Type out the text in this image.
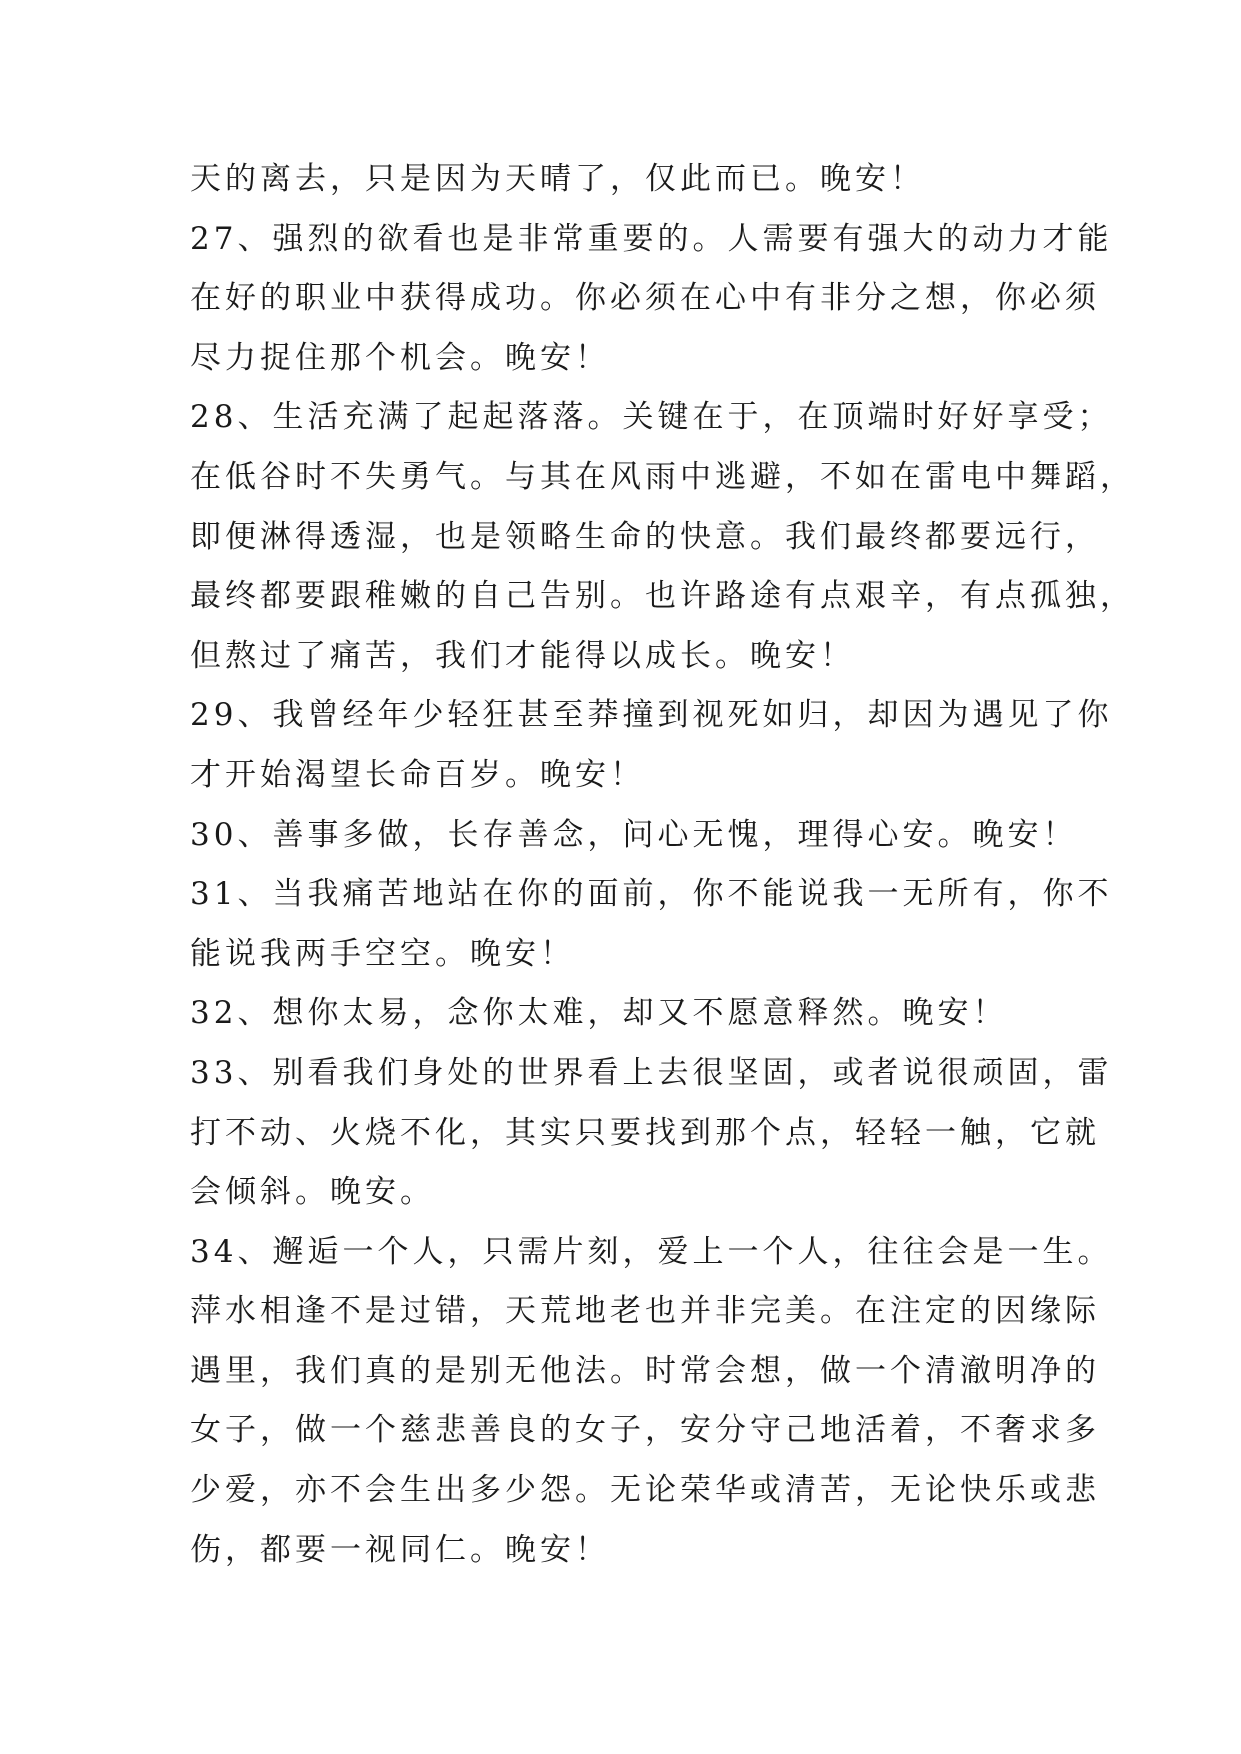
天的离去，只是因为天晴了，仅此而已。晚安！
27、强烈的欲看也是非常重要的。人需要有强大的动力才能
在好的职业中获得成功。你必须在心中有非分之想，你必须
尽力捉住那个机会。晚安！
28、生活充满了起起落落。关键在于，在顶端时好好享受；
在低谷时不失勇气。与其在风雨中逃避，不如在雷电中舞蹈，
即便淋得透湿，也是领略生命的快意。我们最终都要远行，
最终都要跟稚嫩的自己告别。也许路途有点艰辛，有点孤独，
但熬过了痛苦，我们才能得以成长。晚安！
29、我曾经年少轻狂甚至莽撞到视死如归，却因为遇见了你
才开始渴望长命百岁。晚安！
30、善事多做，长存善念，问心无愧，理得心安。晚安！
31、当我痛苦地站在你的面前，你不能说我一无所有，你不
能说我两手空空。晚安！
32、想你太易，念你太难，却又不愿意释然。晚安！
33、别看我们身处的世界看上去很坚固，或者说很顽固，雷
打不动、火烧不化，其实只要找到那个点，轻轻一触，它就
会倾斜。晚安。
34、邂逅一个人，只需片刻，爱上一个人，往往会是一生。
萍水相逢不是过错，天荒地老也并非完美。在注定的因缘际
遇里，我们真的是别无他法。时常会想，做一个清澈明净的
女子，做一个慈悲善良的女子，安分守己地活着，不奢求多
少爱，亦不会生出多少怨。无论荣华或清苦，无论快乐或悲
伤，都要一视同仁。晚安！
